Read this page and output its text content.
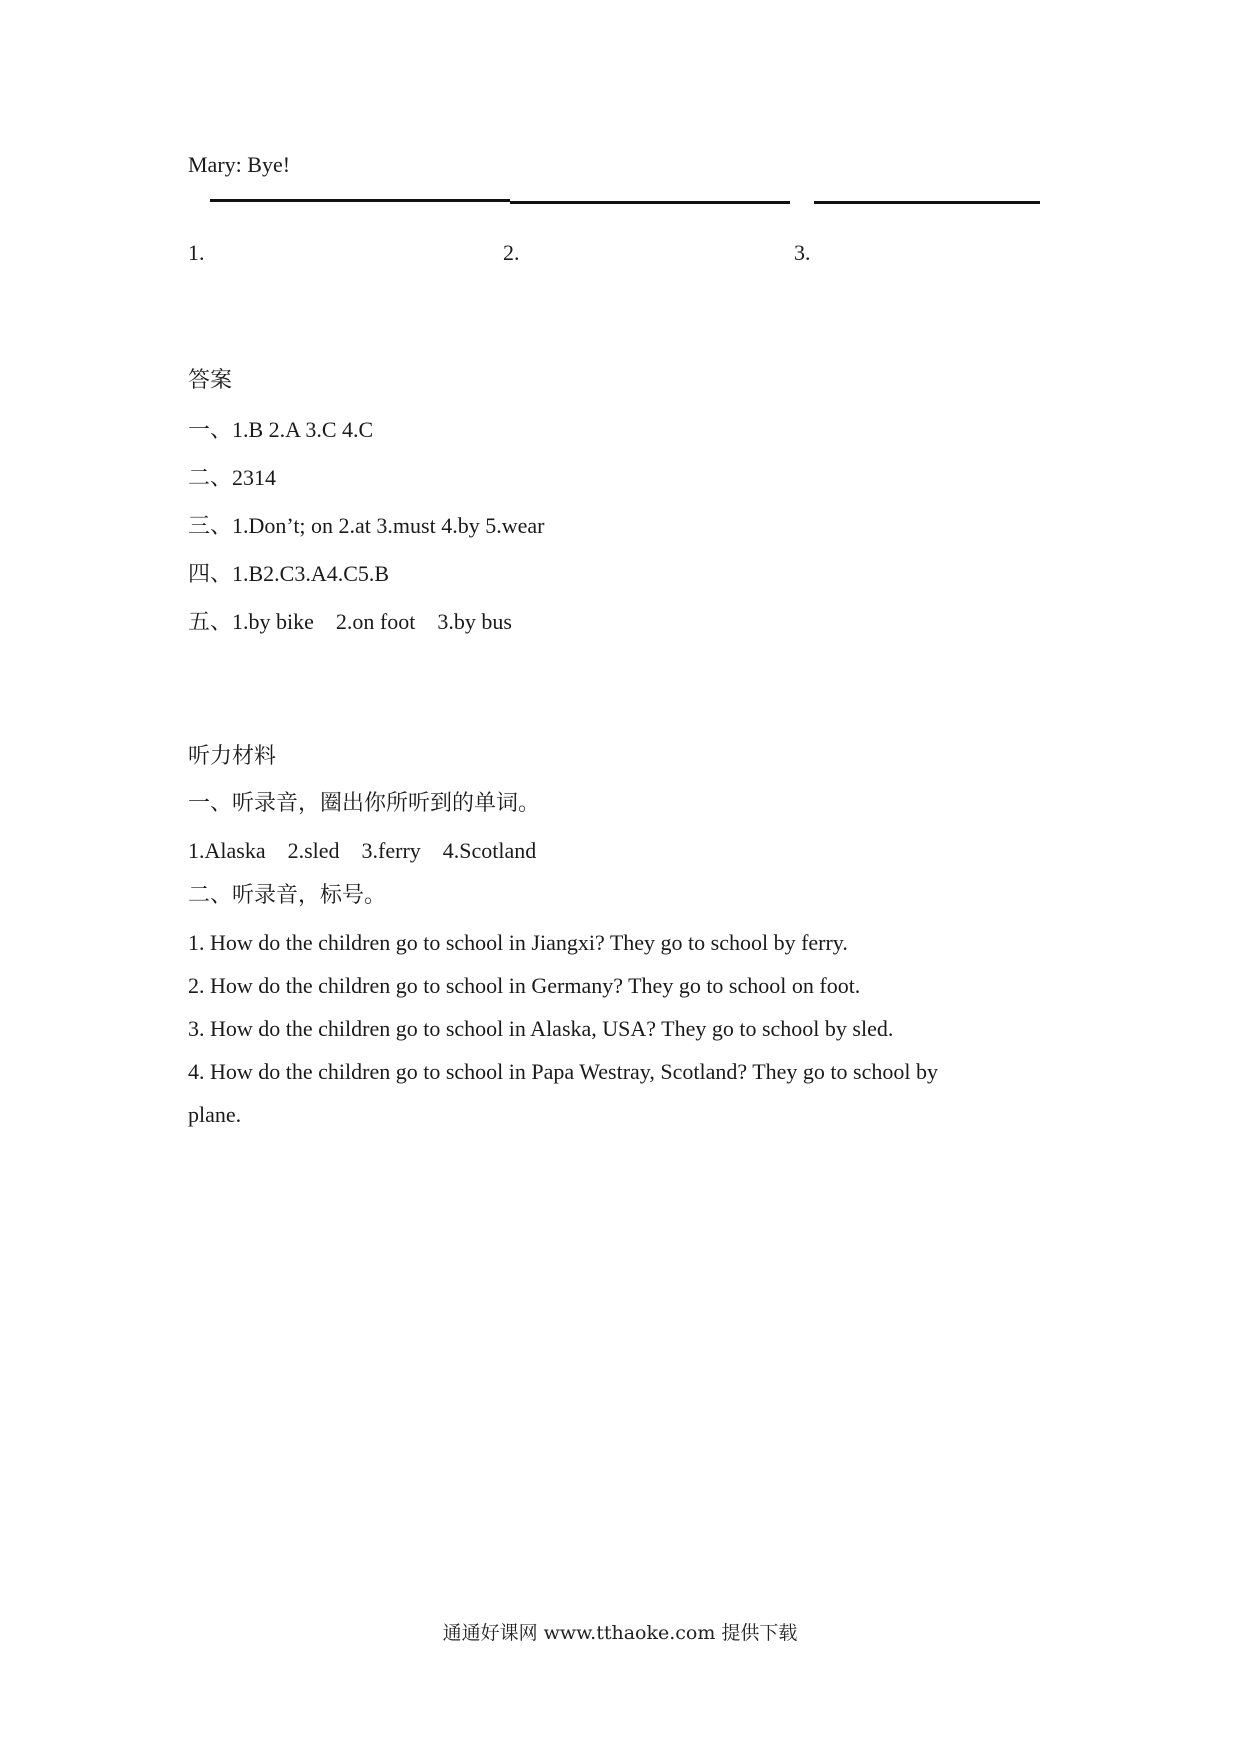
Mary: Bye!
1.	2.	3.
答案
一、1.B 2.A 3.C 4.C
二、2314
三、1.Don’t; on 2.at 3.must 4.by 5.wear
四、1.B2.C3.A4.C5.B
五、1.by bike    2.on foot    3.by bus
听力材料
一、听录音，圈出你所听到的单词。
1.Alaska    2.sled    3.ferry    4.Scotland
二、听录音，标号。
1. How do the children go to school in Jiangxi? They go to school by ferry.
2. How do the children go to school in Germany? They go to school on foot.
3. How do the children go to school in Alaska, USA? They go to school by sled.
4. How do the children go to school in Papa Westray, Scotland? They go to school by
plane.
通通好课网 www.tthaoke.com 提供下载
